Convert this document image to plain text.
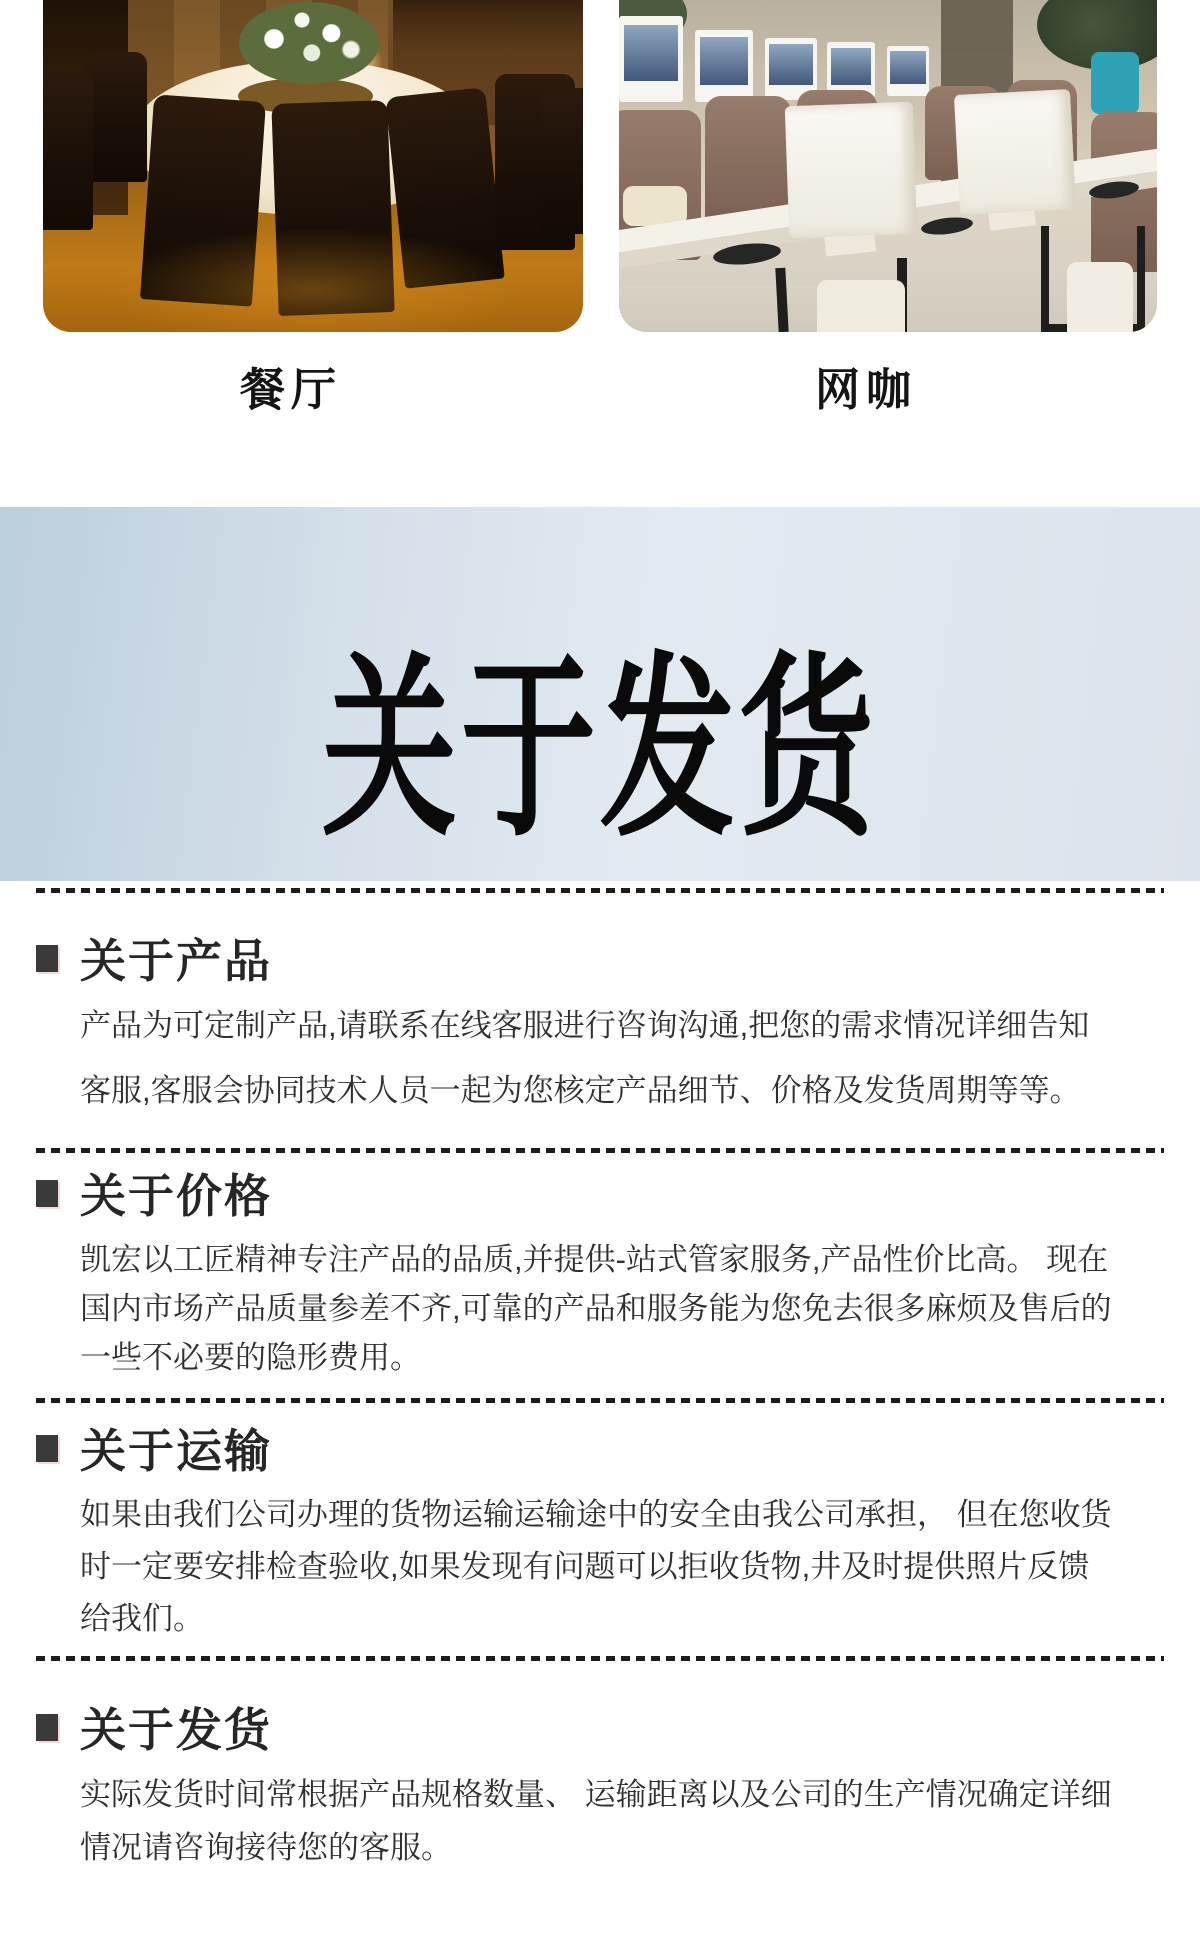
餐厅	网咖
关于发货
关于产品
产品为可定制产品,请联系在线客服进行咨询沟通,把您的需求情况详细告知
客服,客服会协同技术人员一起为您核定产品细节、价格及发货周期等等。
关于价格
凯宏以工匠精神专注产品的品质,并提供-站式管家服务,产品性价比高。 现在
国内市场产品质量参差不齐,可靠的产品和服务能为您免去很多麻烦及售后的
一些不必要的隐形费用。
关于运输
如果由我们公司办理的货物运输运输途中的安全由我公司承担， 但在您收货
时一定要安排检查验收,如果发现有问题可以拒收货物,井及时提供照片反馈
给我们。
关于发货
实际发货时间常根据产品规格数量、 运输距离以及公司的生产情况确定详细
情况请咨询接待您的客服。
